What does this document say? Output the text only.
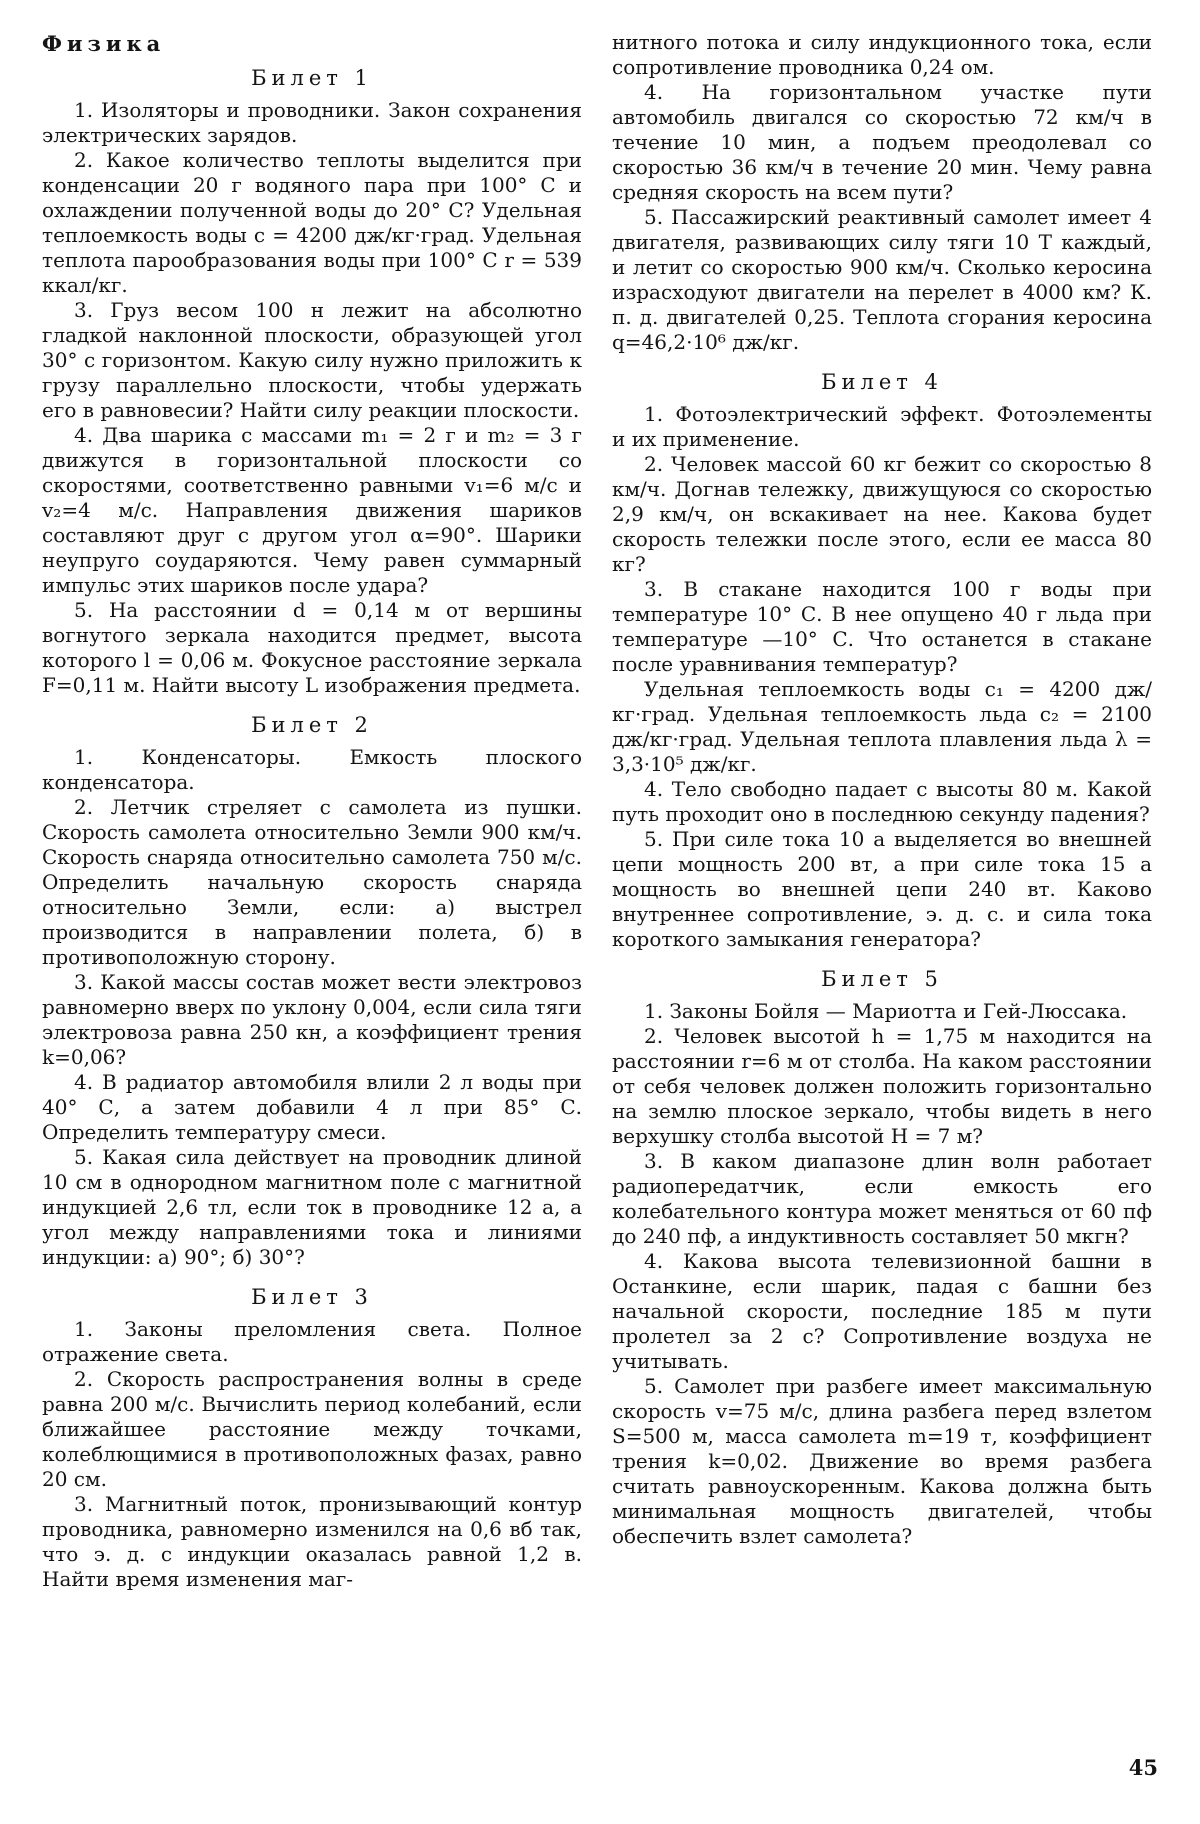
Физика
Билет 1

1. Изоляторы и проводники. Закон сохранения электрических зарядов.

2. Какое количество теплоты выделится при конденсации 20 г водяного пара при 100° С и охлаждении полученной воды до 20° С? Удельная теплоемкость воды c = 4200 дж/кг·град. Удельная теплота парообразования воды при 100° С r = 539 ккал/кг.

3. Груз весом 100 н лежит на абсолютно гладкой наклонной плоскости, образующей угол 30° с горизонтом. Какую силу нужно приложить к грузу параллельно плоскости, чтобы удержать его в равновесии? Найти силу реакции плоскости.

4. Два шарика с массами m₁ = 2 г и m₂ = 3 г движутся в горизонтальной плоскости со скоростями, соответственно равными v₁=6 м/с и v₂=4 м/с. Направления движения шариков составляют друг с другом угол α=90°. Шарики неупруго соударяются. Чему равен суммарный импульс этих шариков после удара?

5. На расстоянии d = 0,14 м от вершины вогнутого зеркала находится предмет, высота которого l = 0,06 м. Фокусное расстояние зеркала F=0,11 м. Найти высоту L изображения предмета.

Билет 2

1. Конденсаторы. Емкость плоского конденсатора.

2. Летчик стреляет с самолета из пушки. Скорость самолета относительно Земли 900 км/ч. Скорость снаряда относительно самолета 750 м/с. Определить начальную скорость снаряда относительно Земли, если: а) выстрел производится в направлении полета, б) в противоположную сторону.

3. Какой массы состав может вести электровоз равномерно вверх по уклону 0,004, если сила тяги электровоза равна 250 кн, а коэффициент трения k=0,06?

4. В радиатор автомобиля влили 2 л воды при 40° С, а затем добавили 4 л при 85° С. Определить температуру смеси.

5. Какая сила действует на проводник длиной 10 см в однородном магнитном поле с магнитной индукцией 2,6 тл, если ток в проводнике 12 а, а угол между направлениями тока и линиями индукции: а) 90°; б) 30°?

Билет 3

1. Законы преломления света. Полное отражение света.

2. Скорость распространения волны в среде равна 200 м/с. Вычислить период колебаний, если ближайшее расстояние между точками, колеблющимися в противоположных фазах, равно 20 см.

3. Магнитный поток, пронизывающий контур проводника, равномерно изменился на 0,6 вб так, что э. д. с индукции оказалась равной 1,2 в. Найти время изменения маг-

нитного потока и силу индукционного тока, если сопротивление проводника 0,24 ом.

4. На горизонтальном участке пути автомобиль двигался со скоростью 72 км/ч в течение 10 мин, а подъем преодолевал со скоростью 36 км/ч в течение 20 мин. Чему равна средняя скорость на всем пути?

5. Пассажирский реактивный самолет имеет 4 двигателя, развивающих силу тяги 10 Т каждый, и летит со скоростью 900 км/ч. Сколько керосина израсходуют двигатели на перелет в 4000 км? К. п. д. двигателей 0,25. Теплота сгорания керосина q=46,2·10⁶ дж/кг.

Билет 4

1. Фотоэлектрический эффект. Фотоэлементы и их применение.

2. Человек массой 60 кг бежит со скоростью 8 км/ч. Догнав тележку, движущуюся со скоростью 2,9 км/ч, он вскакивает на нее. Какова будет скорость тележки после этого, если ее масса 80 кг?

3. В стакане находится 100 г воды при температуре 10° С. В нее опущено 40 г льда при температуре —10° С. Что останется в стакане после уравнивания температур?

Удельная теплоемкость воды c₁ = 4200 дж/кг·град. Удельная теплоемкость льда c₂ = 2100 дж/кг·град. Удельная теплота плавления льда λ = 3,3·10⁵ дж/кг.

4. Тело свободно падает с высоты 80 м. Какой путь проходит оно в последнюю секунду падения?

5. При силе тока 10 а выделяется во внешней цепи мощность 200 вт, а при силе тока 15 а мощность во внешней цепи 240 вт. Каково внутреннее сопротивление, э. д. с. и сила тока короткого замыкания генератора?

Билет 5

1. Законы Бойля — Мариотта и Гей-Люссака.

2. Человек высотой h = 1,75 м находится на расстоянии r=6 м от столба. На каком расстоянии от себя человек должен положить горизонтально на землю плоское зеркало, чтобы видеть в него верхушку столба высотой H = 7 м?

3. В каком диапазоне длин волн работает радиопередатчик, если емкость его колебательного контура может меняться от 60 пф до 240 пф, а индуктивность составляет 50 мкгн?

4. Какова высота телевизионной башни в Останкине, если шарик, падая с башни без начальной скорости, последние 185 м пути пролетел за 2 с? Сопротивление воздуха не учитывать.

5. Самолет при разбеге имеет максимальную скорость v=75 м/с, длина разбега перед взлетом S=500 м, масса самолета m=19 т, коэффициент трения k=0,02. Движение во время разбега считать равноускоренным. Какова должна быть минимальная мощность двигателей, чтобы обеспечить взлет самолета?

45
